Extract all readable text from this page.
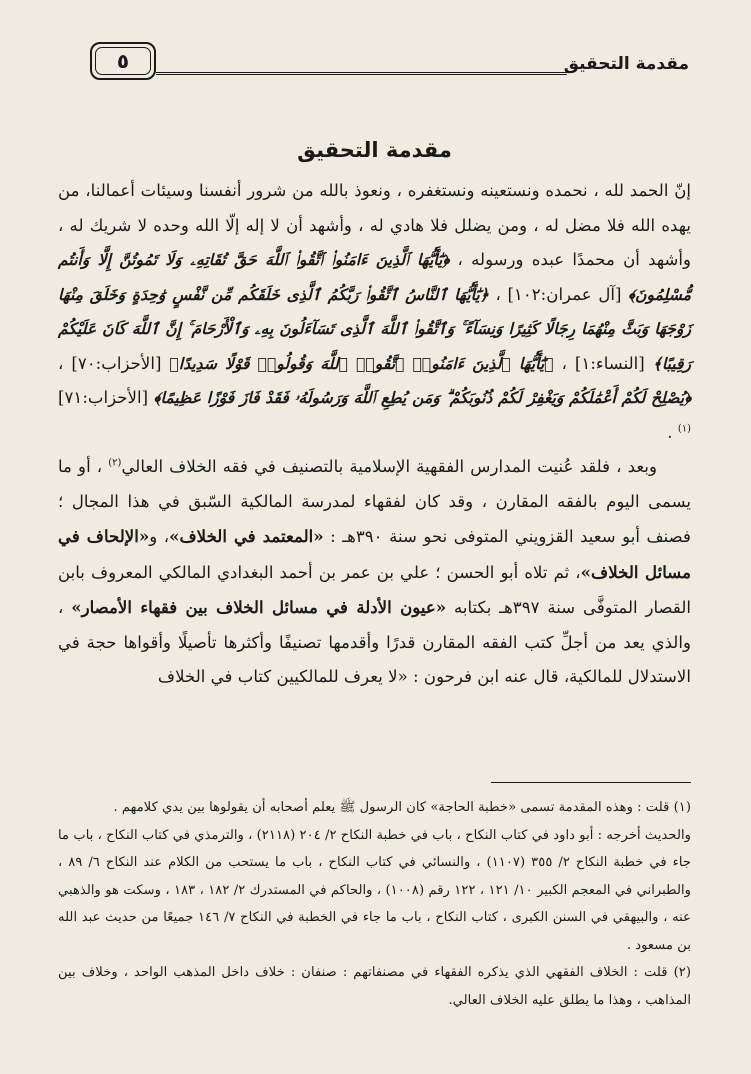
مقدمة التحقيق
٥
مقدمة التحقيق

إنّ الحمد لله ، نحمده ونستعينه ونستغفره ، ونعوذ بالله من شرور أنفسنا وسيئات أعمالنا، من يهده الله فلا مضل له ، ومن يضلل فلا هادي له ، وأشهد أن لا إله إلّا الله وحده لا شريك له ، وأشهد أن محمدًا عبده ورسوله ، ﴿يَٰٓأَيُّهَا ٱلَّذِينَ ءَامَنُوا۟ ٱتَّقُوا۟ ٱللَّهَ حَقَّ تُقَاتِهِۦ وَلَا تَمُوتُنَّ إِلَّا وَأَنتُم مُّسْلِمُونَ﴾ [آل عمران:١٠٢] ، ﴿يَٰٓأَيُّهَا ٱلنَّاسُ ٱتَّقُوا۟ رَبَّكُمُ ٱلَّذِى خَلَقَكُم مِّن نَّفْسٍ وَٰحِدَةٍ وَخَلَقَ مِنْهَا زَوْجَهَا وَبَثَّ مِنْهُمَا رِجَالًا كَثِيرًا وَنِسَآءً ۚ وَٱتَّقُوا۟ ٱللَّهَ ٱلَّذِى تَسَآءَلُونَ بِهِۦ وَٱلْأَرْحَامَ ۚ إِنَّ ٱللَّهَ كَانَ عَلَيْكُمْ رَقِيبًا﴾ [النساء:١] ، ﴿يَٰٓأَيُّهَا ٱلَّذِينَ ءَامَنُوا۟ ٱتَّقُوا۟ ٱللَّهَ وَقُولُوا۟ قَوْلًا سَدِيدًا﴾ [الأحزاب:٧٠] ، ﴿يُصْلِحْ لَكُمْ أَعْمَٰلَكُمْ وَيَغْفِرْ لَكُمْ ذُنُوبَكُمْ ۗ وَمَن يُطِعِ ٱللَّهَ وَرَسُولَهُۥ فَقَدْ فَازَ فَوْزًا عَظِيمًا﴾ [الأحزاب:٧١]$^{(١)}$ .

وبعد ، فلقد عُنيت المدارس الفقهية الإسلامية بالتصنيف في فقه الخلاف العالي$^{(٢)}$ ، أو ما يسمى اليوم بالفقه المقارن ، وقد كان لفقهاء لمدرسة المالكية السّبق في هذا المجال ؛ فصنف أبو سعيد القزويني المتوفى نحو سنة ٣٩٠هـ : «المعتمد في الخلاف»، و«الإلحاف في مسائل الخلاف»، ثم تلاه أبو الحسن ؛ علي بن عمر بن أحمد البغدادي المالكي المعروف بابن القصار المتوفَّى سنة ٣٩٧هـ بكتابه «عيون الأدلة في مسائل الخلاف بين فقهاء الأمصار» ، والذي يعد من أجلِّ كتب الفقه المقارن قدرًا وأقدمها تصنيفًا وأكثرها تأصيلًا وأقواها حجة في الاستدلال للمالكية، قال عنه ابن فرحون : «لا يعرف للمالكيين كتاب في الخلاف

(١) قلت : وهذه المقدمة تسمى «خطبة الحاجة» كان الرسول ﷺ يعلم أصحابه أن يقولوها بين يدي كلامهم .

والحديث أخرجه : أبو داود في كتاب النكاح ، باب في خطبة النكاح ٢/ ٢٠٤ (٢١١٨) ، والترمذي في كتاب النكاح ، باب ما جاء في خطبة النكاح ٢/ ٣٥٥ (١١٠٧) ، والنسائي في كتاب النكاح ، باب ما يستحب من الكلام عند النكاح ٦/ ٨٩ ، والطبراني في المعجم الكبير ١٠/ ١٢١ ، ١٢٢ رقم (١٠٠٨) ، والحاكم في المستدرك ٢/ ١٨٢ ، ١٨٣ ، وسكت هو والذهبي عنه ، والبيهقي في السنن الكبرى ، كتاب النكاح ، باب ما جاء في الخطبة في النكاح ٧/ ١٤٦ جميعًا من حديث عبد الله بن مسعود .

(٢) قلت : الخلاف الفقهي الذي يذكره الفقهاء في مصنفاتهم : صنفان : خلاف داخل المذهب الواحد ، وخلاف بين المذاهب ، وهذا ما يطلق عليه الخلاف العالي.
